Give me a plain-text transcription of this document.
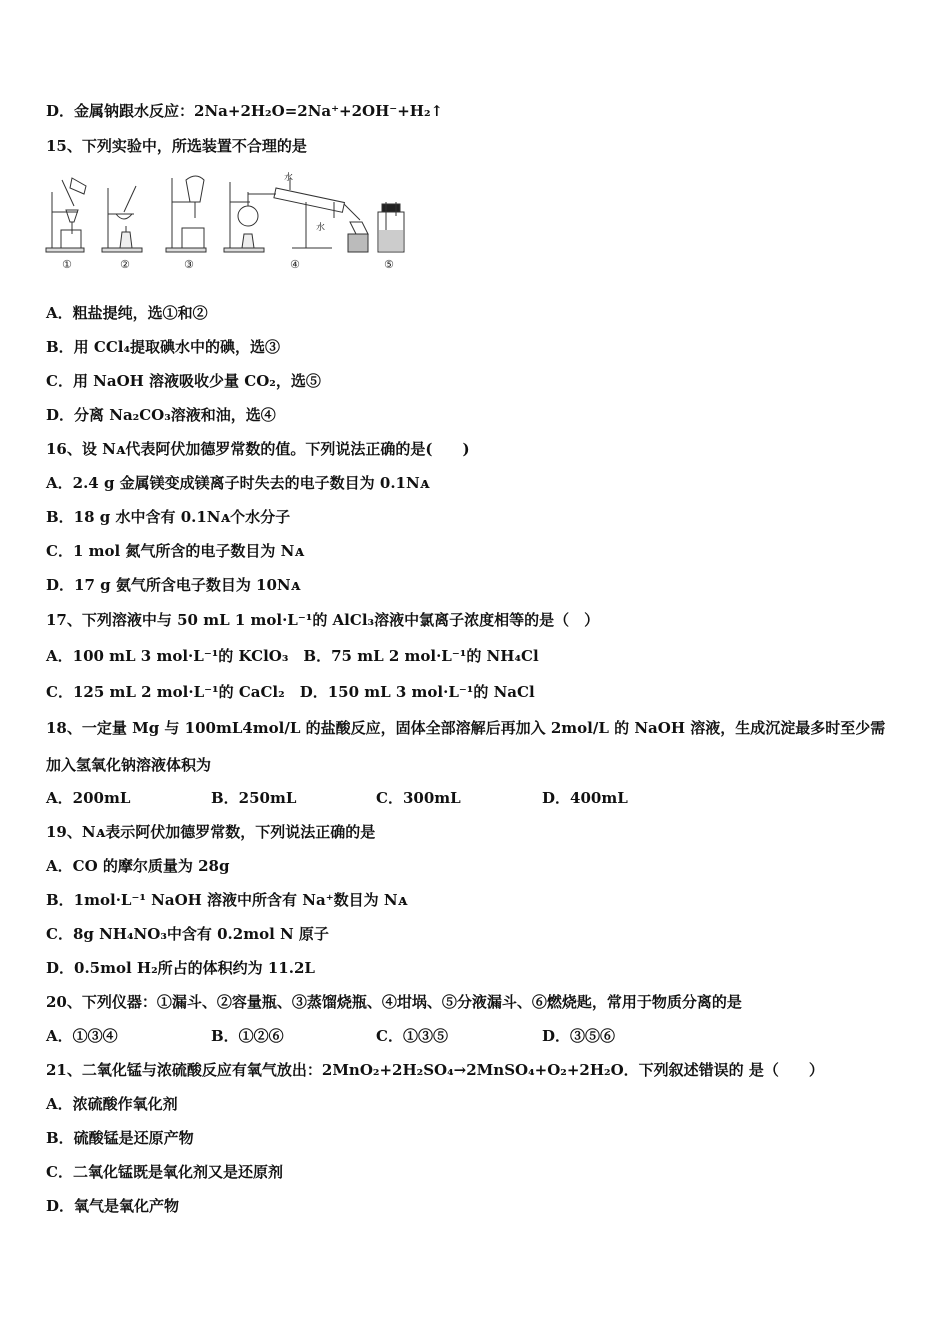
D．金属钠跟水反应：2Na+2H₂O=2Na⁺+2OH⁻+H₂↑
15、下列实验中，所选装置不合理的是
水
水
①	②	③	④	⑤
A．粗盐提纯，选①和②
B．用 CCl₄提取碘水中的碘，选③
C．用 NaOH 溶液吸收少量 CO₂，选⑤
D．分离 Na₂CO₃溶液和油，选④
16、设 Nᴀ代表阿伏加德罗常数的值。下列说法正确的是(　　)
A．2.4 g 金属镁变成镁离子时失去的电子数目为 0.1Nᴀ
B．18 g 水中含有 0.1Nᴀ个水分子
C．1 mol 氮气所含的电子数目为 Nᴀ
D．17 g 氨气所含电子数目为 10Nᴀ
17、下列溶液中与 50 mL 1 mol·L⁻¹的 AlCl₃溶液中氯离子浓度相等的是（　）
A．100 mL 3 mol·L⁻¹的 KClO₃　B．75 mL 2 mol·L⁻¹的 NH₄Cl
C．125 mL 2 mol·L⁻¹的 CaCl₂　D．150 mL 3 mol·L⁻¹的 NaCl
18、一定量 Mg 与 100mL4mol/L 的盐酸反应，固体全部溶解后再加入 2mol/L 的 NaOH 溶液，生成沉淀最多时至少需
加入氢氧化钠溶液体积为
A．200mL	B．250mL	C．300mL	D．400mL
19、Nᴀ表示阿伏加德罗常数，下列说法正确的是
A．CO 的摩尔质量为 28g
B．1mol·L⁻¹ NaOH 溶液中所含有 Na⁺数目为 Nᴀ
C．8g NH₄NO₃中含有 0.2mol N 原子
D．0.5mol H₂所占的体积约为 11.2L
20、下列仪器：①漏斗、②容量瓶、③蒸馏烧瓶、④坩埚、⑤分液漏斗、⑥燃烧匙，常用于物质分离的是
A．①③④	B．①②⑥	C．①③⑤	D．③⑤⑥
21、二氧化锰与浓硫酸反应有氧气放出：2MnO₂+2H₂SO₄→2MnSO₄+O₂+2H₂O．下列叙述错误的 是（　　）
A．浓硫酸作氧化剂
B．硫酸锰是还原产物
C．二氧化锰既是氧化剂又是还原剂
D．氧气是氧化产物
